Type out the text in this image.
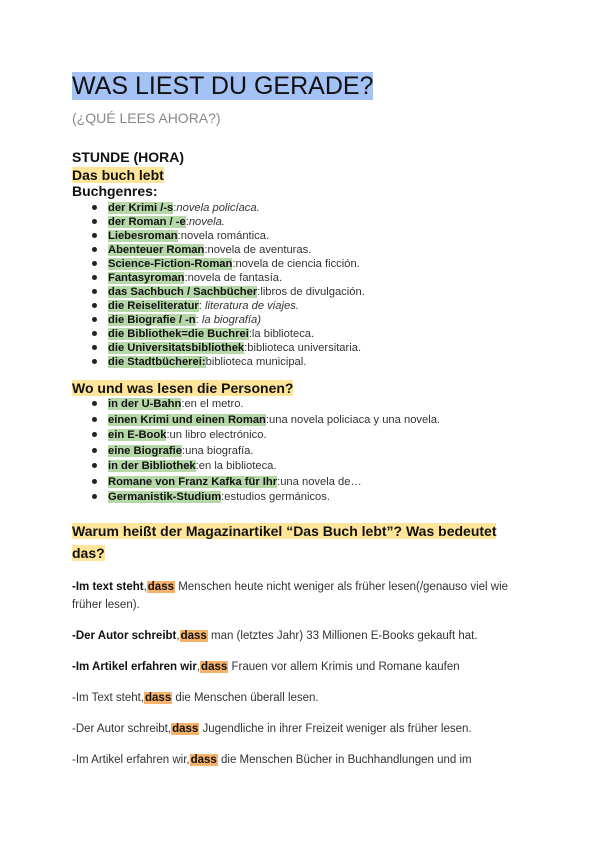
WAS LIEST DU GERADE?
(¿QUÉ LEES AHORA?)
STUNDE (HORA)
Das buch lebt
Buchgenres:
der Krimi /-s:novela policíaca.
der Roman / -e:novela.
Liebesroman:novela romántica.
Abenteuer Roman:novela de aventuras.
Science-Fiction-Roman:novela de ciencia ficción.
Fantasyroman:novela de fantasía.
das Sachbuch / Sachbücher:libros de divulgación.
die Reiseliteratur: literatura de viajes.
die Biografie / -n: la biografía)
die Bibliothek=die Buchrei:la biblioteca.
die Universitatsbibliothek:biblioteca universitaria.
die Stadtbücherei:biblioteca municipal.
Wo und was lesen die Personen?
in der U-Bahn:en el metro.
einen Krimi und einen Roman:una novela policiaca y una novela.
ein E-Book:un libro electrónico.
eine Biografie:una biografía.
in der Bibliothek:en la biblioteca.
Romane von Franz Kafka für Ihr:una novela de…
Germanistik-Studium:estudios germánicos.
Warum heißt der Magazinartikel “Das Buch lebt”? Was bedeutet das?
-Im text steht,dass Menschen heute nicht weniger als früher lesen(/genauso viel wie früher lesen).
-Der Autor schreibt,dass man (letztes Jahr) 33 Millionen E-Books gekauft hat.
-Im Artikel erfahren wir,dass Frauen vor allem Krimis und Romane kaufen
-Im Text steht,dass die Menschen überall lesen.
-Der Autor schreibt,dass Jugendliche in ihrer Freizeit weniger als früher lesen.
-Im Artikel erfahren wir,dass die Menschen Bücher in Buchhandlungen und im
